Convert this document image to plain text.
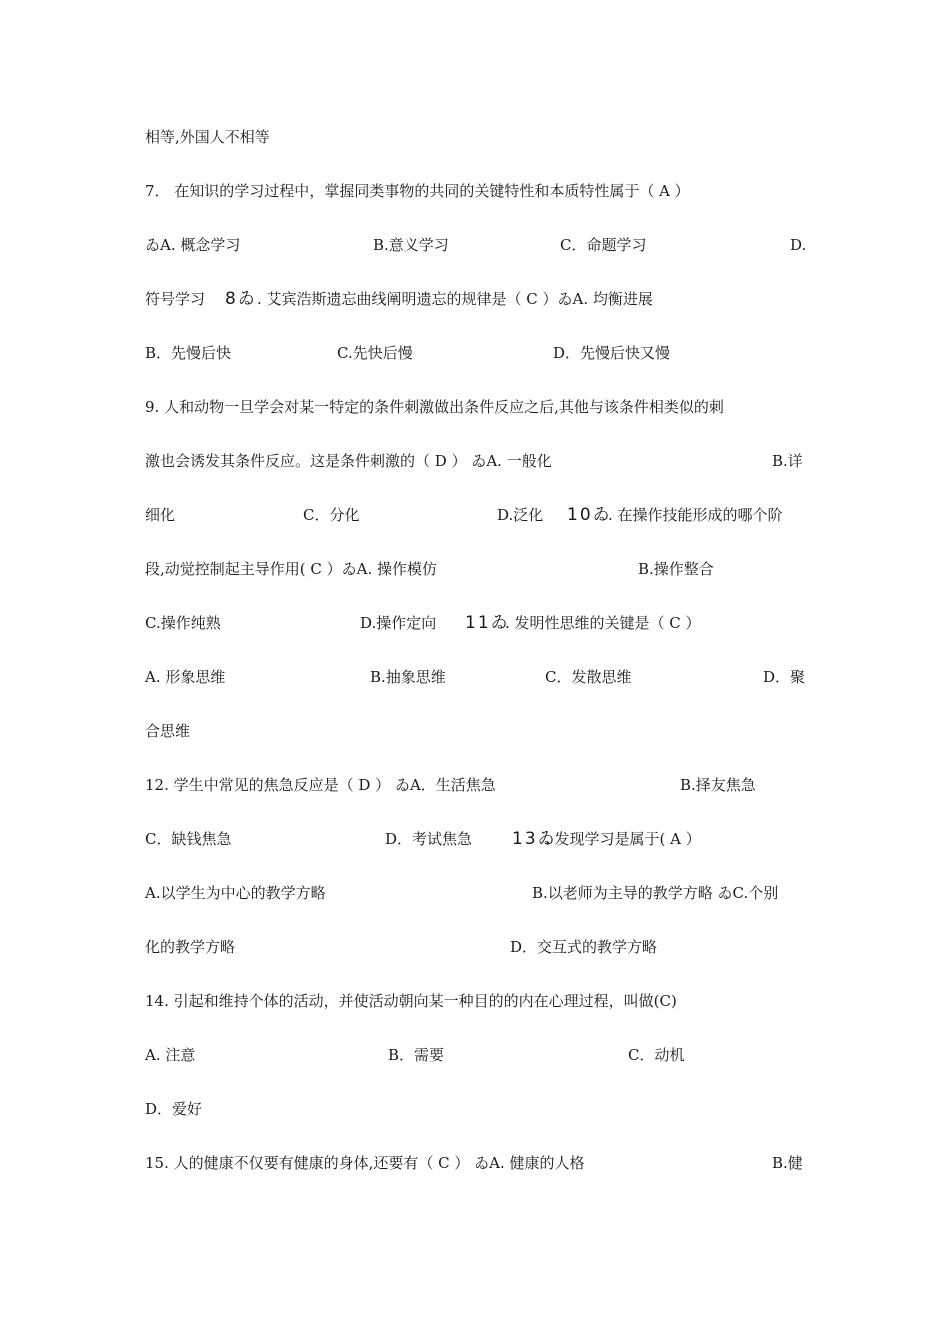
相等,外国人不相等
7． 在知识的学习过程中，掌握同类事物的共同的关键特性和本质特性属于（ A ）
ゐA. 概念学习	B.意义学习	C．命题学习	D.
符号学习 8ゐ . 艾宾浩斯遗忘曲线阐明遗忘的规律是（ C ）ゐA. 均衡进展
B．先慢后快	C.先快后慢	D．先慢后快又慢
9. 人和动物一旦学会对某一特定的条件刺激做出条件反应之后,其他与该条件相类似的刺
激也会诱发其条件反应。这是条件刺激的（ D ） ゐA. 一般化	B.详
细化	C．分化	D.泛化 10ゐ
. 在操作技能形成的哪个阶
段,动觉控制起主导作用( C ）ゐA. 操作模仿	B.操作整合
C.操作纯熟	D.操作定向 11ゐ
. 发明性思维的关键是（ C ）
A. 形象思维	B.抽象思维	C．发散思维	D．聚
合思维
12. 学生中常见的焦急反应是（ D ） ゐA．生活焦急	B.择友焦急
C．缺钱焦急	D．考试焦急 13ゐ
. 发现学习是属于( A ）
A.以学生为中心的教学方略	B.以老师为主导的教学方略 ゐC.个别
化的教学方略	D．交互式的教学方略
14. 引起和维持个体的活动，并使活动朝向某一种目的的内在心理过程，叫做(C)
A. 注意	B．需要	C．动机
D．爱好
15. 人的健康不仅要有健康的身体,还要有（ C ） ゐA. 健康的人格	B.健
